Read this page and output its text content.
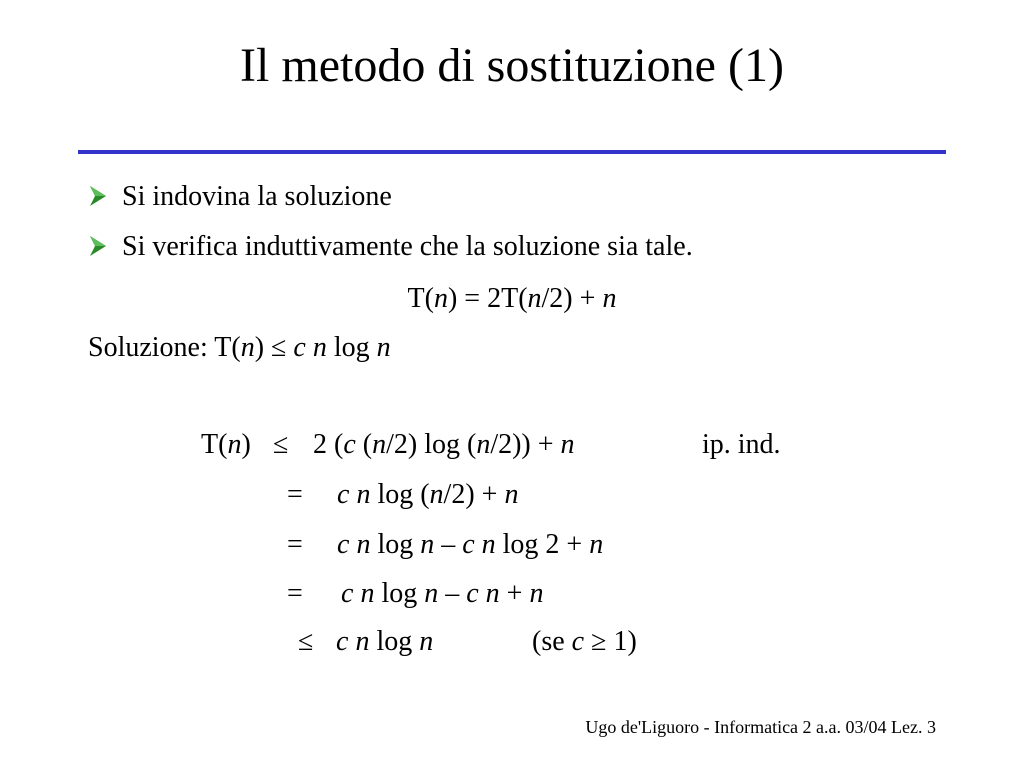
Il metodo di sostituzione (1)
Si indovina la soluzione
Si verifica induttivamente che la soluzione sia tale.
T(n) = 2T(n/2) + n
Soluzione: T(n) ≤ c n log n
T(n) ≤ 2 (c (n/2) log (n/2)) + n	ip. ind.
= c n log (n/2) + n
= c n log n – c n log 2 + n
= c n log n – c n + n
≤ c n log n	(se c ≥ 1)
Ugo de'Liguoro - Informatica 2 a.a. 03/04 Lez. 3
